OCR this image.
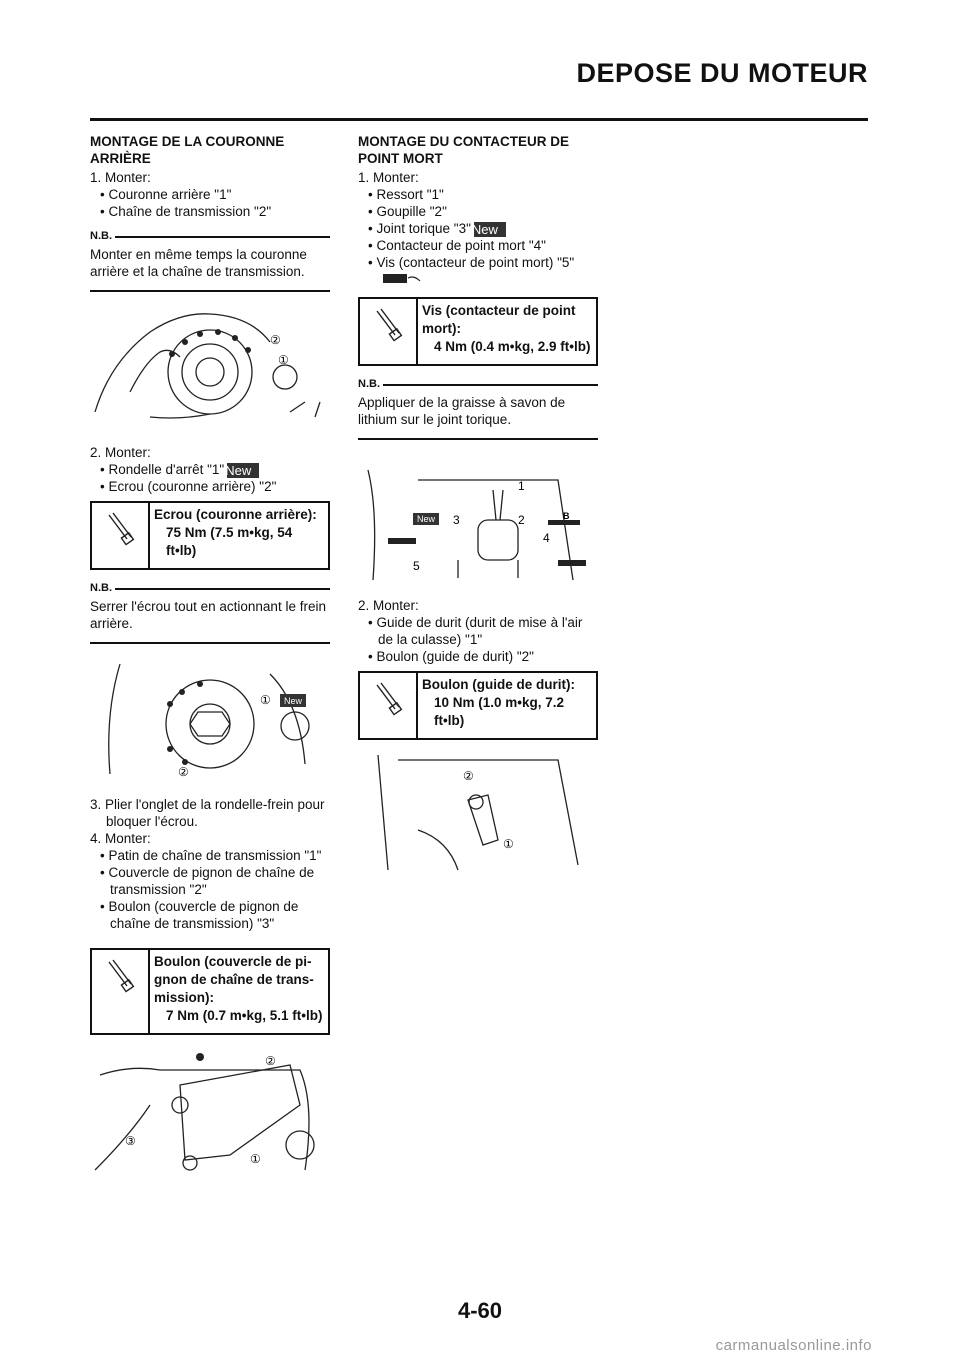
DEPOSE DU MOTEUR
MONTAGE DE LA COURONNE ARRIÈRE

1. Monter:

• Couronne arrière "1"
• Chaîne de transmission "2"
N.B.
Monter en même temps la couronne arrière et la chaîne de transmission.
②
①

2. Monter:

• Rondelle d'arrêt "1"New
• Ecrou (couronne arrière) "2"
Ecrou (couronne arrière):
75 Nm (7.5 m•kg, 54 ft•lb)
N.B.
Serrer l'écrou tout en actionnant le frein arrière.
① New
②

3. Plier l'onglet de la rondelle-frein pour bloquer l'écrou.

4. Monter:

• Patin de chaîne de transmission "1"
• Couvercle de pignon de chaîne de transmission "2"
• Boulon (couvercle de pignon de chaîne de transmission) "3"
Boulon (couvercle de pi-gnon de chaîne de trans-mission):
7 Nm (0.7 m•kg, 5.1 ft•lb)
②
③
①
MONTAGE DU CONTACTEUR DE POINT MORT

1. Monter:

• Ressort "1"
• Goupille "2"
• Joint torique "3"New
• Contacteur de point mort "4"
• Vis (contacteur de point mort) "5"
Vis (contacteur de point mort):
4 Nm (0.4 m•kg, 2.9 ft•lb)
N.B.
Appliquer de la graisse à savon de lithium sur le joint torique.
1
2
3
4
5
New	B

2. Monter:

• Guide de durit (durit de mise à l'air de la culasse) "1"
• Boulon (guide de durit) "2"
Boulon (guide de durit):
10 Nm (1.0 m•kg, 7.2 ft•lb)
②
①
4-60
carmanualsonline.info
